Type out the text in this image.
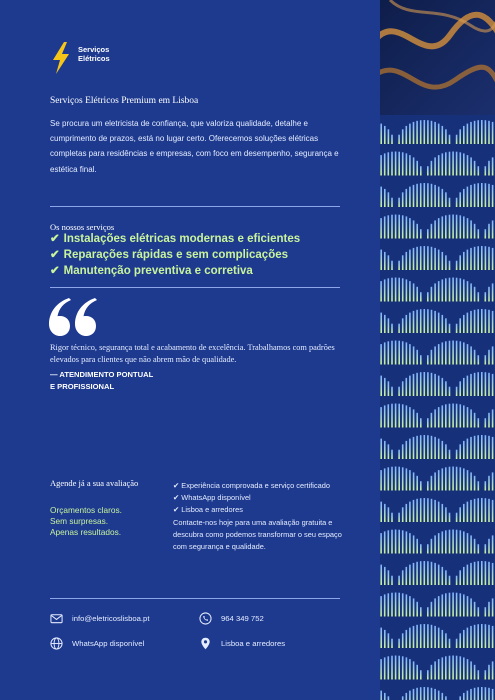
Serviços
Elétricos
Serviços Elétricos Premium em Lisboa
Se procura um eletricista de confiança, que valoriza qualidade, detalhe e cumprimento de prazos, está no lugar certo. Oferecemos soluções elétricas completas para residências e empresas, com foco em desempenho, segurança e estética final.
Os nossos serviços
✔ Instalações elétricas modernas e eficientes
✔ Reparações rápidas e sem complicações
✔ Manutenção preventiva e corretiva
Rigor técnico, segurança total e acabamento de excelência. Trabalhamos com padrões elevados para clientes que não abrem mão de qualidade.
— ATENDIMENTO PONTUAL E PROFISSIONAL
Agende já a sua avaliação
Orçamentos claros.
Sem surpresas.
Apenas resultados.
✔ Experiência comprovada e serviço certificado
✔ WhatsApp disponível
✔ Lisboa e arredores
Contacte-nos hoje para uma avaliação gratuita e descubra como podemos transformar o seu espaço com segurança e qualidade.
info@eletricoslisboa.pt	964 349 752
WhatsApp disponível	Lisboa e arredores
